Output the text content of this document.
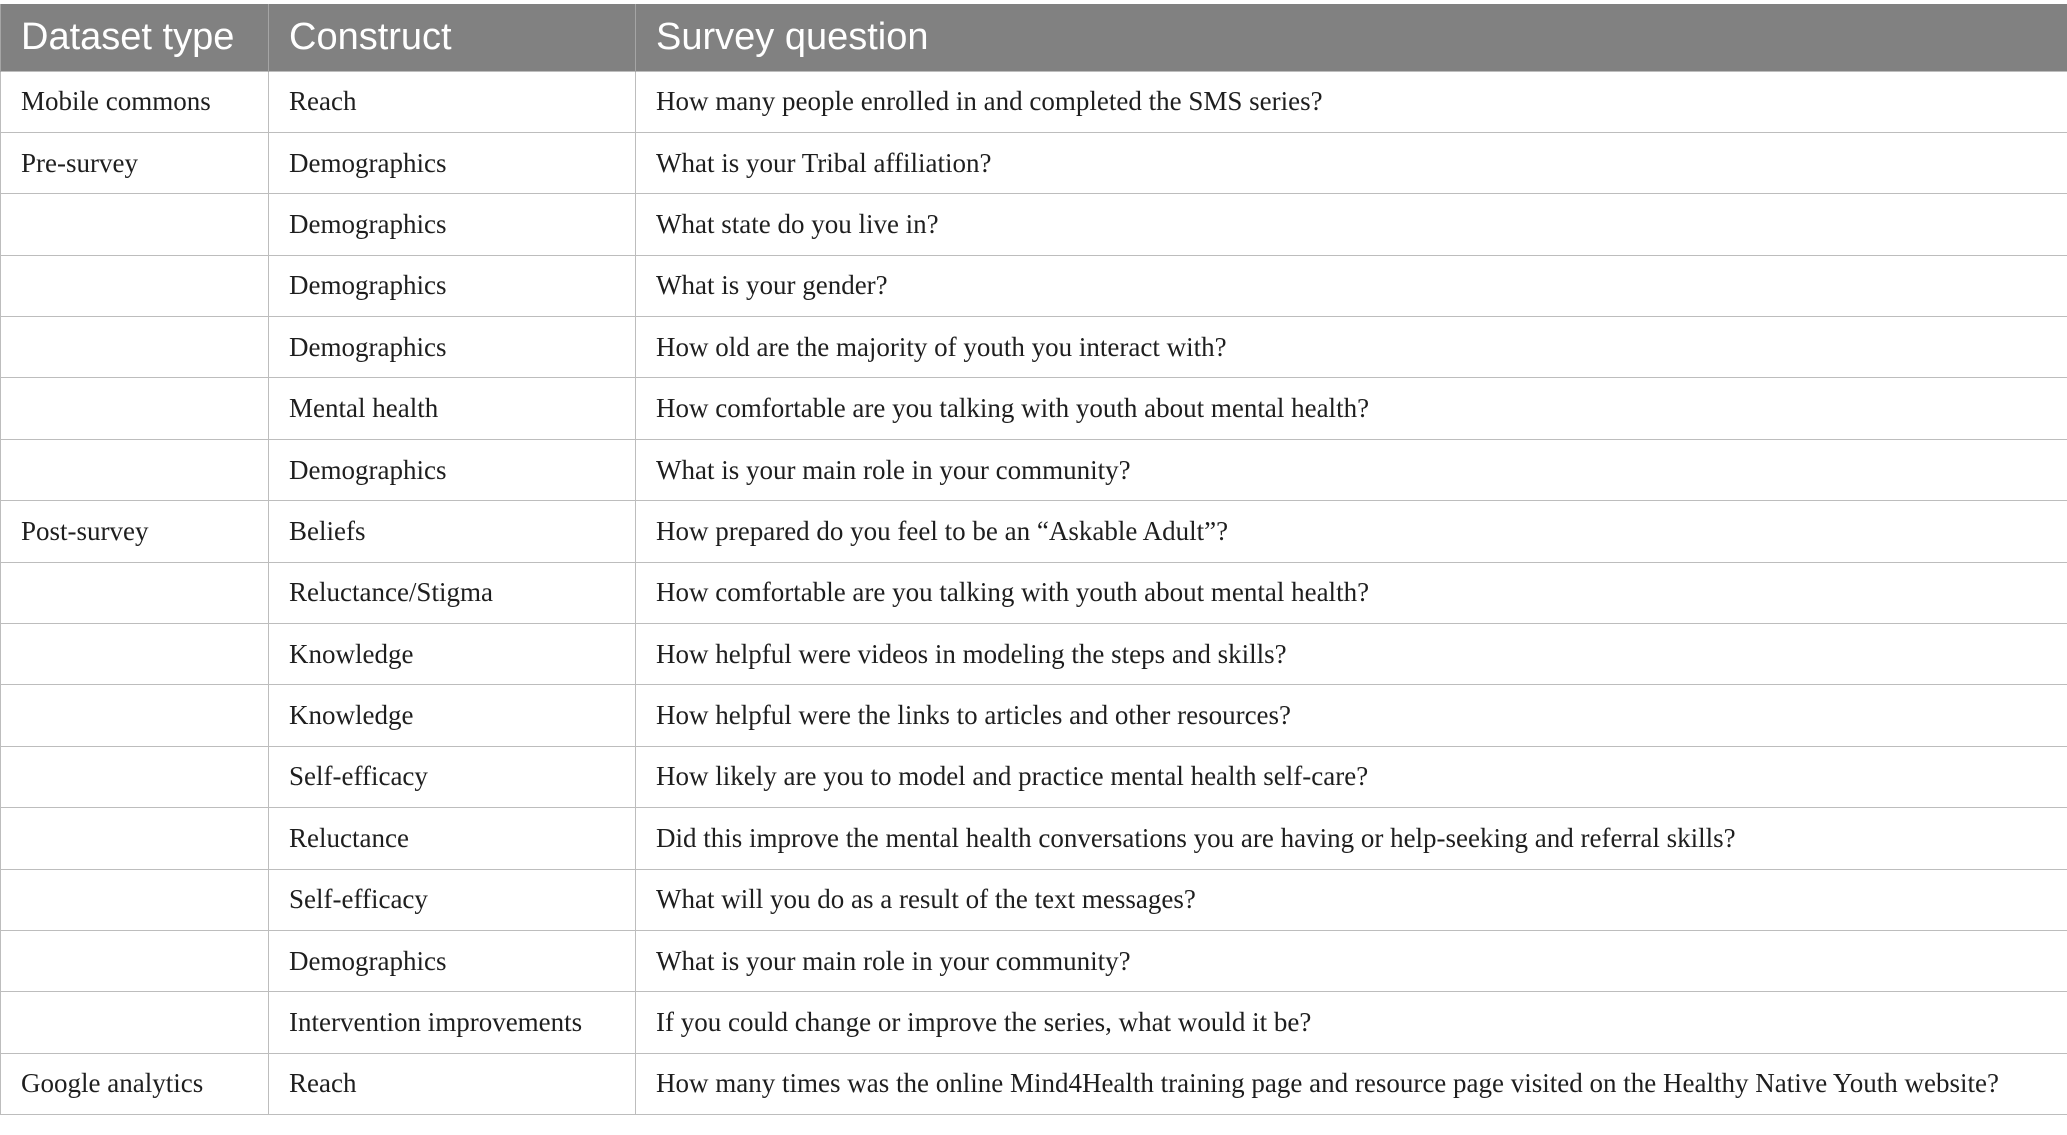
Dataset type	Construct	Survey question
Mobile commons	Reach	How many people enrolled in and completed the SMS series?
Pre-survey	Demographics	What is your Tribal affiliation?
	Demographics	What state do you live in?
	Demographics	What is your gender?
	Demographics	How old are the majority of youth you interact with?
	Mental health	How comfortable are you talking with youth about mental health?
	Demographics	What is your main role in your community?
Post-survey	Beliefs	How prepared do you feel to be an “Askable Adult”?
	Reluctance/Stigma	How comfortable are you talking with youth about mental health?
	Knowledge	How helpful were videos in modeling the steps and skills?
	Knowledge	How helpful were the links to articles and other resources?
	Self-efficacy	How likely are you to model and practice mental health self-care?
	Reluctance	Did this improve the mental health conversations you are having or help-seeking and referral skills?
	Self-efficacy	What will you do as a result of the text messages?
	Demographics	What is your main role in your community?
	Intervention improvements	If you could change or improve the series, what would it be?
Google analytics	Reach	How many times was the online Mind4Health training page and resource page visited on the Healthy Native Youth website?
